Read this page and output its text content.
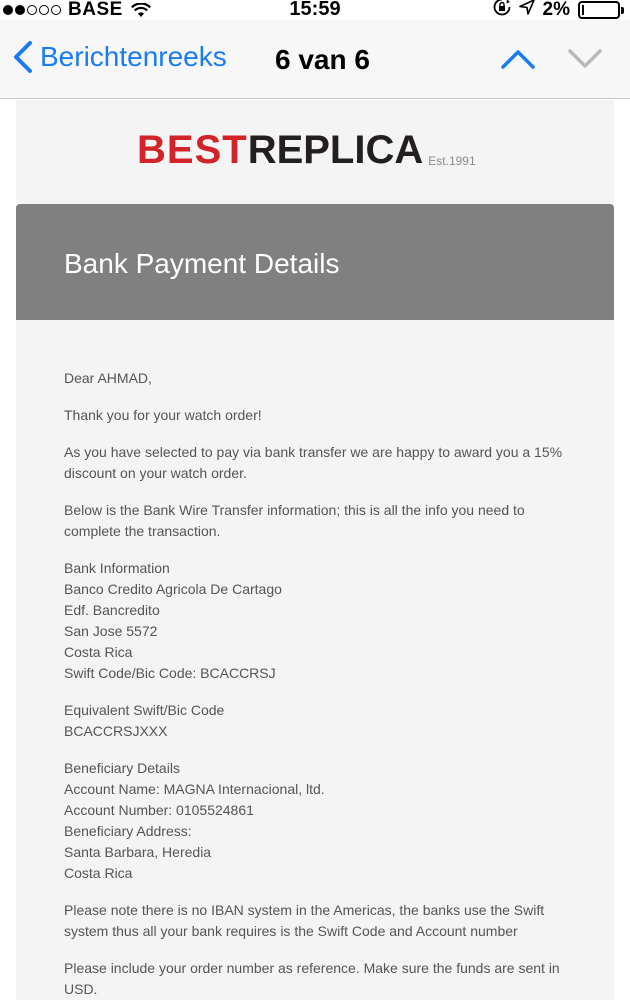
BASE	15:59	2%
Berichtenreeks 6 van 6
BEST REPLICA Est.1991
Bank Payment Details

Dear AHMAD,

Thank you for your watch order!

As you have selected to pay via bank transfer we are happy to award you a 15% discount on your watch order.

Below is the Bank Wire Transfer information; this is all the info you need to complete the transaction.

Bank Information
Banco Credito Agricola De Cartago
Edf. Bancredito
San Jose 5572
Costa Rica
Swift Code/Bic Code: BCACCRSJ
Equivalent Swift/Bic Code
BCACCRSJXXX
Beneficiary Details
Account Name: MAGNA Internacional, ltd.
Account Number: 0105524861
Beneficiary Address:
Santa Barbara, Heredia
Costa Rica

Please note there is no IBAN system in the Americas, the banks use the Swift system thus all your bank requires is the Swift Code and Account number

Please include your order number as reference. Make sure the funds are sent in USD.
